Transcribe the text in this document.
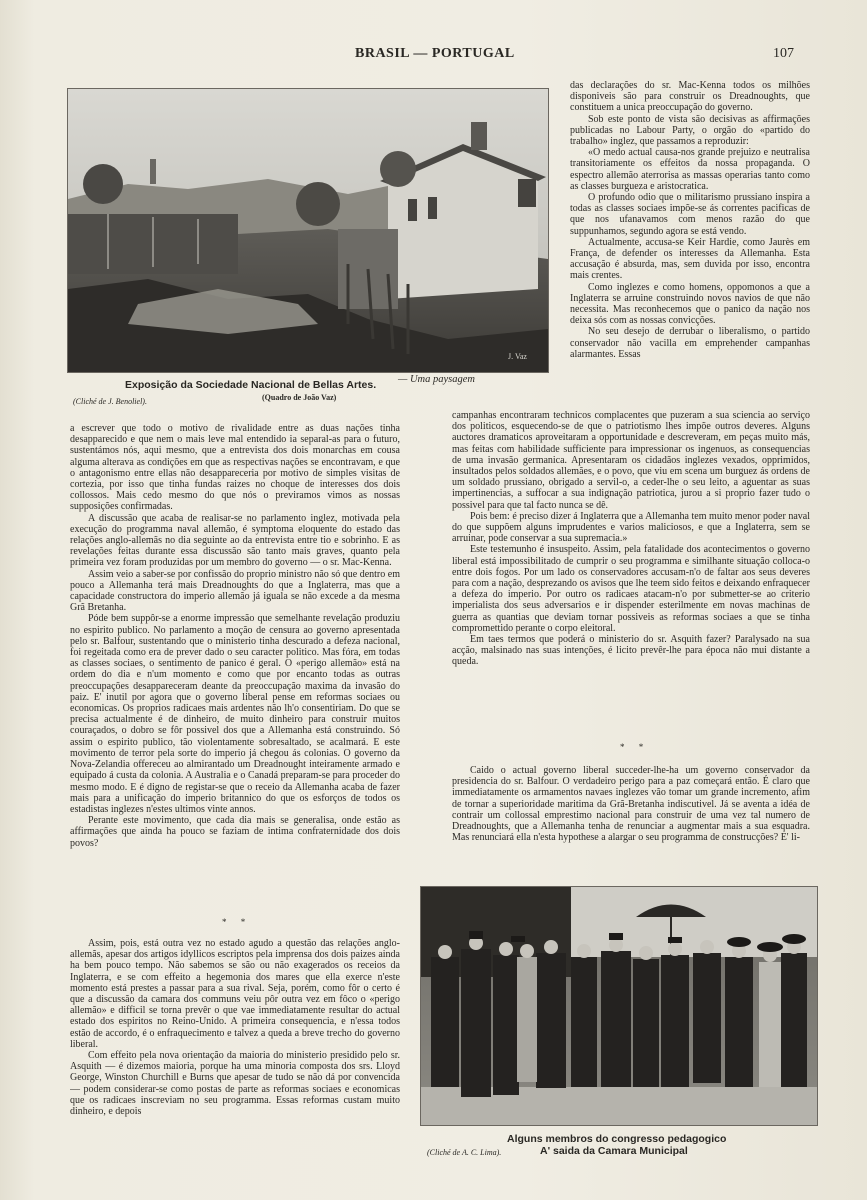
BRASIL — PORTUGAL	107
J. Vaz
Exposição da Sociedade Nacional de Bellas Artes. — Uma paysagem
(Cliché de J. Benoliel).	(Quadro de João Vaz)

das declarações do sr. Mac-Kenna todos os milhões disponiveis são para construir os Dreadnoughts, que constituem a unica preoccupação do governo.

Sob este ponto de vista são decisivas as affirmações publicadas no Labour Party, o orgão do «partido do trabalho» inglez, que passamos a reproduzir:

«O medo actual causa-nos grande prejuizo e neutralisa transitoriamente os effeitos da nossa propaganda. O espectro allemão aterrorisa as massas operarias tanto como as classes burgueza e aristocratica.

O profundo odio que o militarismo prussiano inspira a todas as classes sociaes impõe-se ás correntes pacificas de que nos ufanavamos com menos razão do que suppunhamos, segundo agora se está vendo.

Actualmente, accusa-se Keir Hardie, como Jaurès em França, de defender os interesses da Allemanha. Esta accusação é absurda, mas, sem duvida por isso, encontra mais crentes.

Como inglezes e como homens, oppomonos a que a Inglaterra se arruine construindo novos navios de que não necessita. Mas reconhecemos que o panico da nação nos deixa sós com as nossas convicções.

No seu desejo de derrubar o liberalismo, o partido conservador não vacilla em emprehender campanhas alarmantes. Essas

campanhas encontraram technicos complacentes que puzeram a sua sciencia ao serviço dos politicos, esquecendo-se de que o patriotismo lhes impõe outros deveres. Alguns auctores dramaticos aproveitaram a opportunidade e descreveram, em peças muito más, mas feitas com habilidade sufficiente para impressionar os ingenuos, as consequencias de uma invasão germanica. Apresentaram os cidadãos inglezes vexados, opprimidos, insultados pelos soldados allemães, e o povo, que viu em scena um burguez ás ordens de um soldado prussiano, obrigado a servil-o, a ceder-lhe o seu leito, a aguentar as suas impertinencias, a suffocar a sua indignação patriotica, jurou a si proprio fazer tudo o possivel para que tal facto nunca se dê.

Pois bem: é preciso dizer á Inglaterra que a Allemanha tem muito menor poder naval do que suppõem alguns imprudentes e varios maliciosos, e que a Inglaterra, sem se arruinar, pode conservar a sua supremacia.»

Este testemunho é insuspeito. Assim, pela fatalidade dos acontecimentos o governo liberal está impossibilitado de cumprir o seu programma e similhante situação colloca-o entre dois fogos. Por um lado os conservadores accusam-n'o de faltar aos seus deveres para com a nação, desprezando os avisos que lhe teem sido feitos e deixando enfraquecer a defeza do imperio. Por outro os radicaes atacam-n'o por submetter-se ao criterio imperialista dos seus adversarios e ir dispender esterilmente em novas machinas de guerra as quantias que deviam tornar possiveis as reformas sociaes a que se tinha compromettido perante o corpo eleitoral.

Em taes termos que poderá o ministerio do sr. Asquith fazer? Paralysado na sua acção, malsinado nas suas intenções, é licito prevêr-lhe para época não mui distante a queda.

* *

Caido o actual governo liberal succeder-lhe-ha um governo conservador da presidencia do sr. Balfour. O verdadeiro perigo para a paz começará então. É claro que immediatamente os armamentos navaes inglezes vão tomar um grande incremento, afim de tornar a superioridade maritima da Grã-Bretanha indiscutivel. Já se aventa a idéa de contrair um collossal emprestimo nacional para construir de uma vez tal numero de Dreadnoughts, que a Allemanha tenha de renunciar a augmentar mais a sua esquadra. Mas renunciará ella n'esta hypothese a alargar o seu programma de construcções? E' li-

a escrever que todo o motivo de rivalidade entre as duas nações tinha desapparecido e que nem o mais leve mal entendido ia separal-as para o futuro, sustentámos nós, aqui mesmo, que a entrevista dos dois monarchas em cousa alguma alterava as condições em que as respectivas nações se encontravam, e que o antagonismo entre ellas não desappareceria por motivo de simples visitas de cortezia, por isso que tinha fundas raizes no choque de interesses dos dois collossos. Mais cedo mesmo do que nós o previramos vimos as nossas supposições confirmadas.

A discussão que acaba de realisar-se no parlamento inglez, motivada pela execução do programma naval allemão, é symptoma eloquente do estado das relações anglo-allemãs no dia seguinte ao da entrevista entre tio e sobrinho. E as revelações feitas durante essa discussão são tanto mais graves, quanto pela primeira vez foram produzidas por um membro do governo — o sr. Mac-Kenna.

Assim veio a saber-se por confissão do proprio ministro não só que dentro em pouco a Allemanha terá mais Dreadnoughts do que a Inglaterra, mas que a capacidade constructora do imperio allemão já iguala se não excede a da mesma Grã Bretanha.

Póde bem suppôr-se a enorme impressão que semelhante revelação produziu no espirito publico. No parlamento a moção de censura ao governo apresentada pelo sr. Balfour, sustentando que o ministerio tinha descurado a defeza nacional, foi regeitada como era de prever dado o seu caracter politico. Mas fóra, em todas as classes sociaes, o sentimento de panico é geral. O «perigo allemão» está na ordem do dia e n'um momento e como que por encanto todas as outras preoccupações desappareceram deante da preoccupação maxima da invasão do paiz. E' inutil por agora que o governo liberal pense em reformas sociaes ou economicas. Os proprios radicaes mais ardentes não lh'o consentiriam. Do que se precisa actualmente é de dinheiro, de muito dinheiro para construir muitos couraçados, o dobro se fôr possivel dos que a Allemanha está construindo. Só assim o espirito publico, tão violentamente sobresaltado, se acalmará. E este movimento de terror pela sorte do imperio já chegou ás colonias. O governo da Nova-Zelandia offereceu ao almirantado um Dreadnought inteiramente armado e equipado á custa da colonia. A Australia e o Canadá preparam-se para proceder do mesmo modo. E é digno de registar-se que o receio da Allemanha acaba de fazer mais para a unificação do imperio britannico do que os esforços de todos os estadistas inglezes n'estes ultimos vinte annos.

Perante este movimento, que cada dia mais se generalisa, onde estão as affirmações que ainda ha pouco se faziam de intima confraternidade dos dois povos?

* *

Assim, pois, está outra vez no estado agudo a questão das relações anglo-allemãs, apesar dos artigos idyllicos escriptos pela imprensa dos dois paizes ainda ha bem pouco tempo. Não sabemos se são ou não exagerados os receios da Inglaterra, e se com effeito a hegemonia dos mares que ella exerce n'este momento está prestes a passar para a sua rival. Seja, porém, como fôr o certo é que a discussão da camara dos communs veiu pôr outra vez em fôco o «perigo allemão» e difficil se torna prevêr o que vae immediatamente resultar do actual estado dos espiritos no Reino-Unido. A primeira consequencia, e n'essa todos estão de accordo, é o enfraquecimento e talvez a queda a breve trecho do governo liberal.

Com effeito pela nova orientação da maioria do ministerio presidido pelo sr. Asquith — é dizemos maioria, porque ha uma minoria composta dos srs. Lloyd George, Winston Churchill e Burns que apesar de tudo se não dá por convencida — podem considerar-se como postas de parte as reformas sociaes e economicas que os radicaes inscreviam no seu programma. Essas reformas custam muito dinheiro, e depois

Alguns membros do congresso pedagogico
A' saida da Camara Municipal
(Cliché de A. C. Lima).
